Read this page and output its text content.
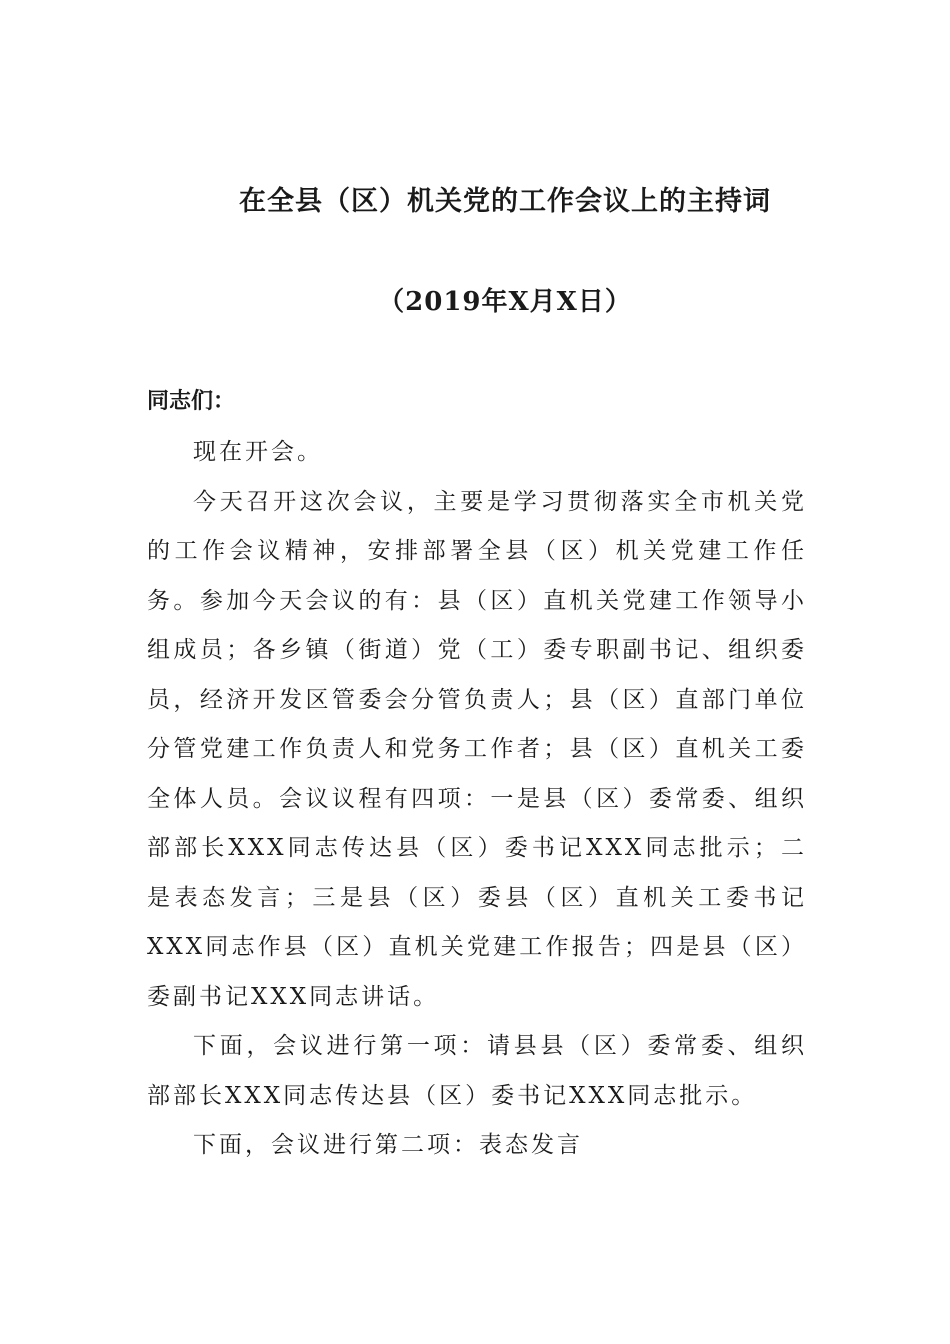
在全县（区）机关党的工作会议上的主持词
（2019年X月X日）
同志们：

现在开会。

今天召开这次会议，主要是学习贯彻落实全市机关党的工作会议精神，安排部署全县（区）机关党建工作任务。参加今天会议的有：县（区）直机关党建工作领导小组成员；各乡镇（街道）党（工）委专职副书记、组织委员，经济开发区管委会分管负责人；县（区）直部门单位分管党建工作负责人和党务工作者；县（区）直机关工委全体人员。会议议程有四项：一是县（区）委常委、组织部部长XXX同志传达县（区）委书记XXX同志批示；二是表态发言；三是县（区）委县（区）直机关工委书记XXX同志作县（区）直机关党建工作报告；四是县（区）委副书记XXX同志讲话。

下面，会议进行第一项：请县县（区）委常委、组织部部长XXX同志传达县（区）委书记XXX同志批示。

下面，会议进行第二项：表态发言
